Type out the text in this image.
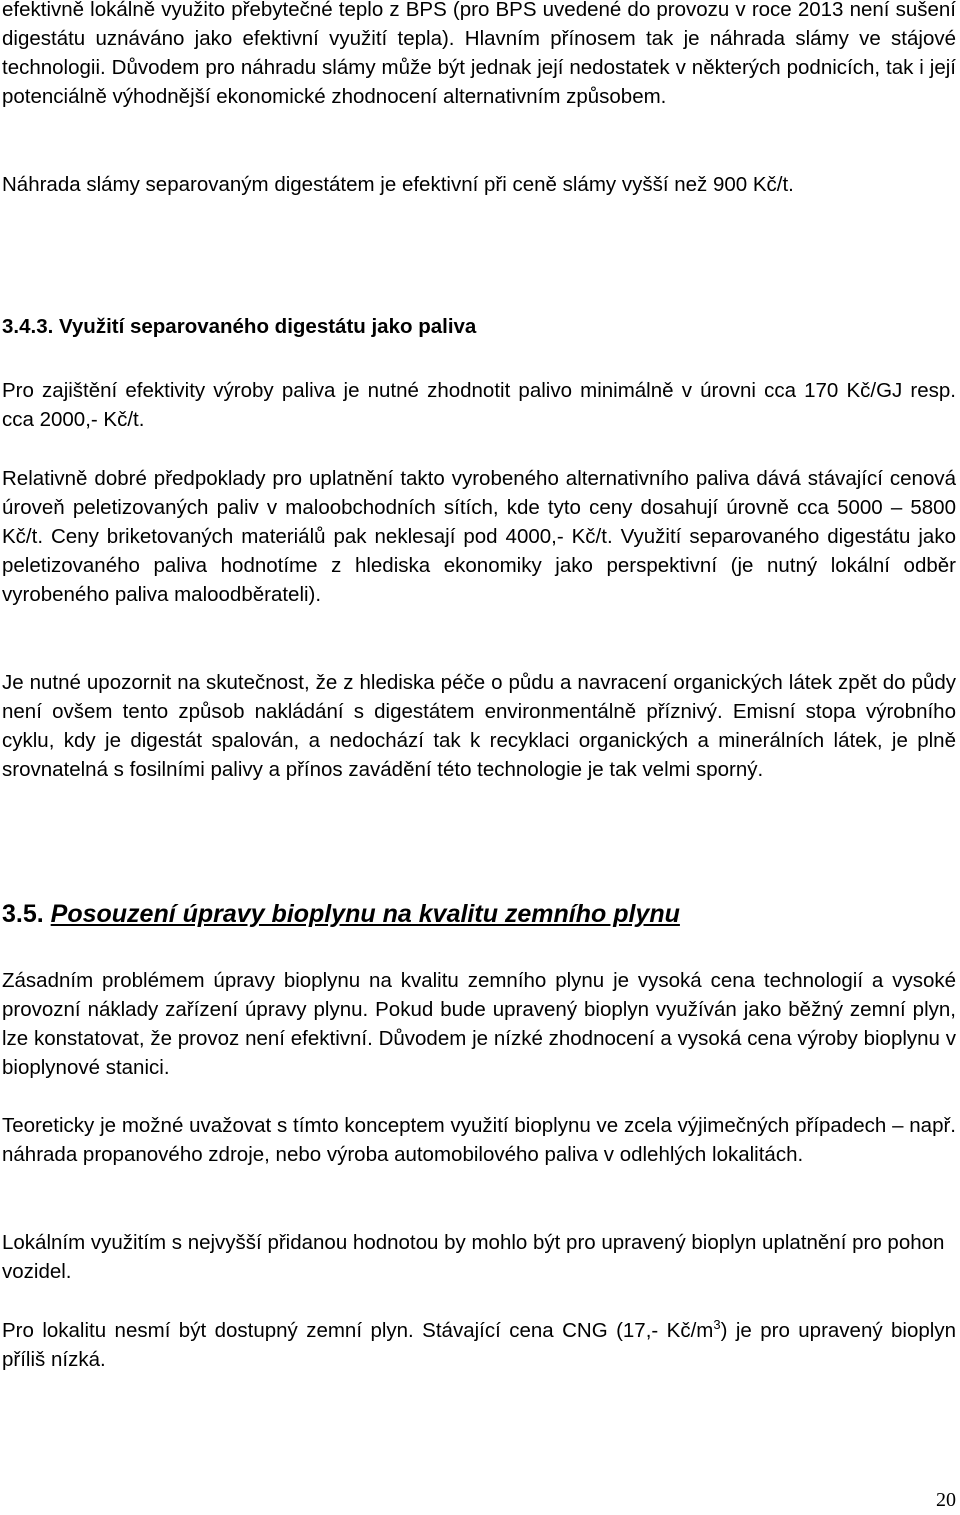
efektivně lokálně využito přebytečné teplo z BPS (pro BPS uvedené do provozu v roce 2013 není sušení digestátu uznáváno jako efektivní využití tepla). Hlavním přínosem tak je náhrada slámy ve stájové technologii. Důvodem pro náhradu slámy může být jednak její nedostatek v některých podnicích, tak i její potenciálně výhodnější ekonomické zhodnocení alternativním způsobem.

Náhrada slámy separovaným digestátem je efektivní při ceně slámy vyšší než 900 Kč/t.

3.4.3. Využití separovaného digestátu jako paliva

Pro zajištění efektivity výroby paliva je nutné zhodnotit palivo minimálně v úrovni cca 170 Kč/GJ resp. cca 2000,- Kč/t.

Relativně dobré předpoklady pro uplatnění takto vyrobeného alternativního paliva dává stávající cenová úroveň peletizovaných paliv v maloobchodních sítích, kde tyto ceny dosahují úrovně cca 5000 – 5800 Kč/t. Ceny briketovaných materiálů pak neklesají pod 4000,- Kč/t. Využití separovaného digestátu jako peletizovaného paliva hodnotíme z hlediska ekonomiky jako perspektivní (je nutný lokální odběr vyrobeného paliva maloodběrateli).

Je nutné upozornit na skutečnost, že z hlediska péče o půdu a navracení organických látek zpět do půdy není ovšem tento způsob nakládání s digestátem environmentálně příznivý. Emisní stopa výrobního cyklu, kdy je digestát spalován, a nedochází tak k recyklaci organických a minerálních látek, je plně srovnatelná s fosilními palivy a přínos zavádění této technologie je tak velmi sporný.

3.5. Posouzení úpravy bioplynu na kvalitu zemního plynu

Zásadním problémem úpravy bioplynu na kvalitu zemního plynu je vysoká cena technologií a vysoké provozní náklady zařízení úpravy plynu. Pokud bude upravený bioplyn využíván jako běžný zemní plyn, lze konstatovat, že provoz není efektivní. Důvodem je nízké zhodnocení a vysoká cena výroby bioplynu v bioplynové stanici.

Teoreticky je možné uvažovat s tímto konceptem využití bioplynu ve zcela výjimečných případech – např. náhrada propanového zdroje, nebo výroba automobilového paliva v odlehlých lokalitách.

Lokálním využitím s nejvyšší přidanou hodnotou by mohlo být pro upravený bioplyn uplatnění pro pohon vozidel.

Pro lokalitu nesmí být dostupný zemní plyn. Stávající cena CNG (17,- $Kč/m^3$) je pro upravený bioplyn příliš nízká.

20
